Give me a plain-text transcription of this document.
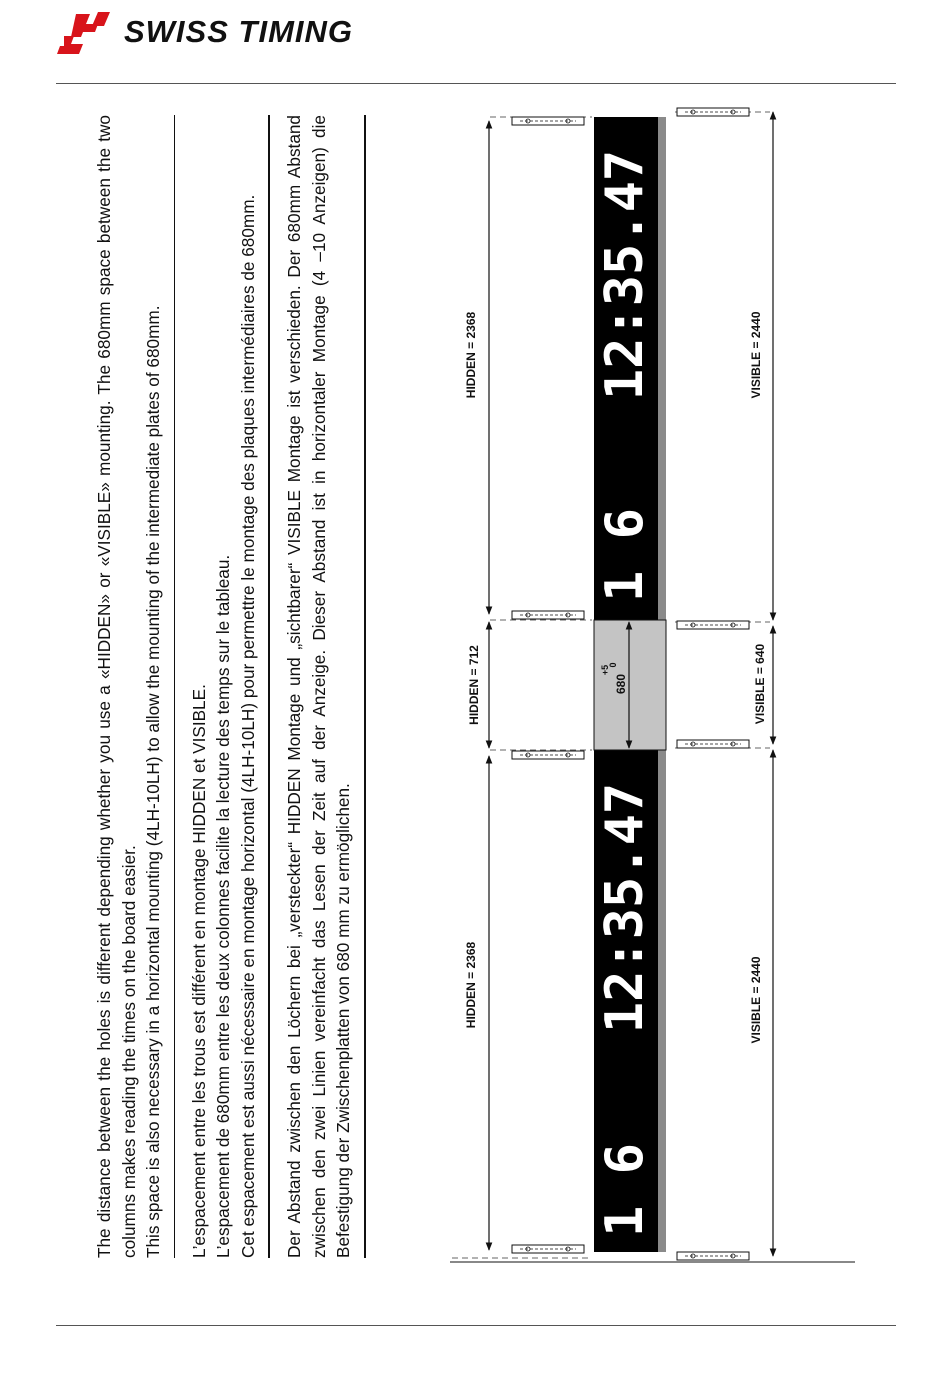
SWISS TIMING

The distance between the holes is different depending whether you use a «HIDDEN» or «VISIBLE» mounting. The 680mm space between the two columns makes reading the times on the board easier. This space is also necessary in a horizontal mounting (4LH-10LH) to allow the mounting of the intermediate plates of 680mm. L’espacement entre les trous est différent en montage HIDDEN et VISIBLE. L’espacement de 680mm entre les deux colonnes facilite la lecture des temps sur le tableau. Cet espacement est aussi nécessaire en montage horizontal (4LH-10LH) pour permettre le montage des plaques intermédiaires de 680mm. Der Abstand zwischen den Löchern bei „versteckter“ HIDDEN Montage und „sichtbarer“ VISIBLE Montage ist verschieden. Der 680mm Abstand zwischen den zwei Linien vereinfacht das Lesen der Zeit auf der Anzeige. Dieser Abstand ist in horizontaler Montage (4 –10 Anzeigen) die Befestigung der Zwischenplatten von 680 mm zu ermöglichen.	1 6
12:35.47
1 6
12:35.47
HIDDEN = 2368
HIDDEN = 712
HIDDEN = 2368
VISIBLE = 2440
VISIBLE = 640
VISIBLE = 2440
680
+5
0
